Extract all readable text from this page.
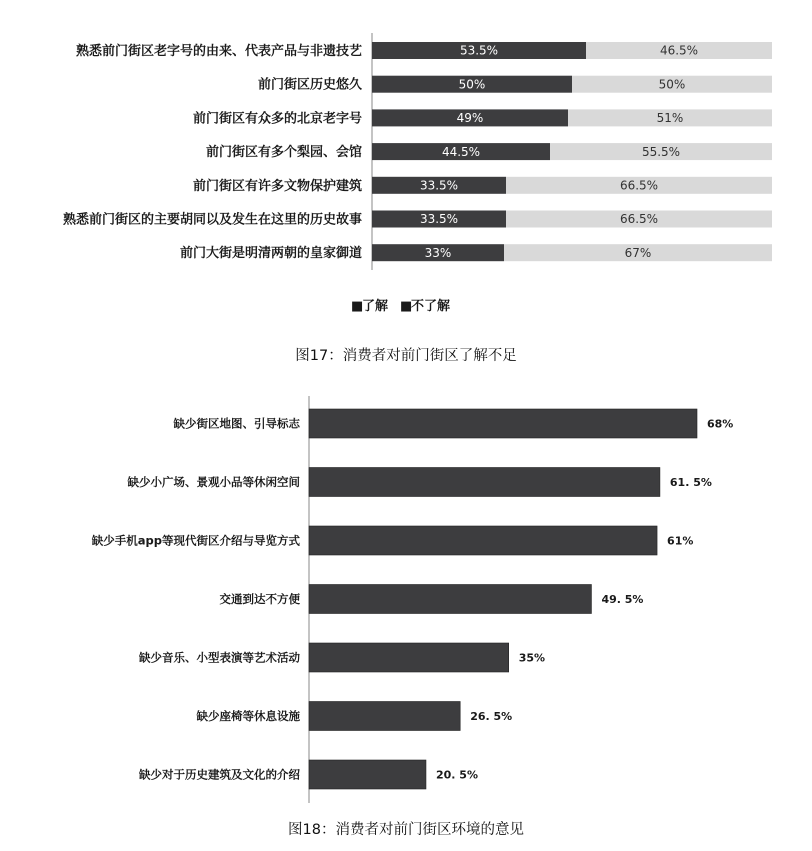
熟悉前门街区老字号的由来、代表产品与非遗技艺	53.5%	46.5%
前门街区历史悠久	50%	50%
前门街区有众多的北京老字号	49%	51%
前门街区有多个梨园、会馆	44.5%	55.5%
前门街区有许多文物保护建筑	33.5%	66.5%
熟悉前门街区的主要胡同以及发生在这里的历史故事	33.5%	66.5%
前门大街是明清两朝的皇家御道	33%	67%
■
了解 ■
不了解
图17：消费者对前门街区了解不足
缺少街区地图、引导标志	68%
缺少小广场、景观小品等休闲空间	61. 5%
缺少手机app等现代街区介绍与导览方式	61%
交通到达不方便	49. 5%
缺少音乐、小型表演等艺术活动	35%
缺少座椅等休息设施	26. 5%
缺少对于历史建筑及文化的介绍	20. 5%
图18：消费者对前门街区环境的意见
